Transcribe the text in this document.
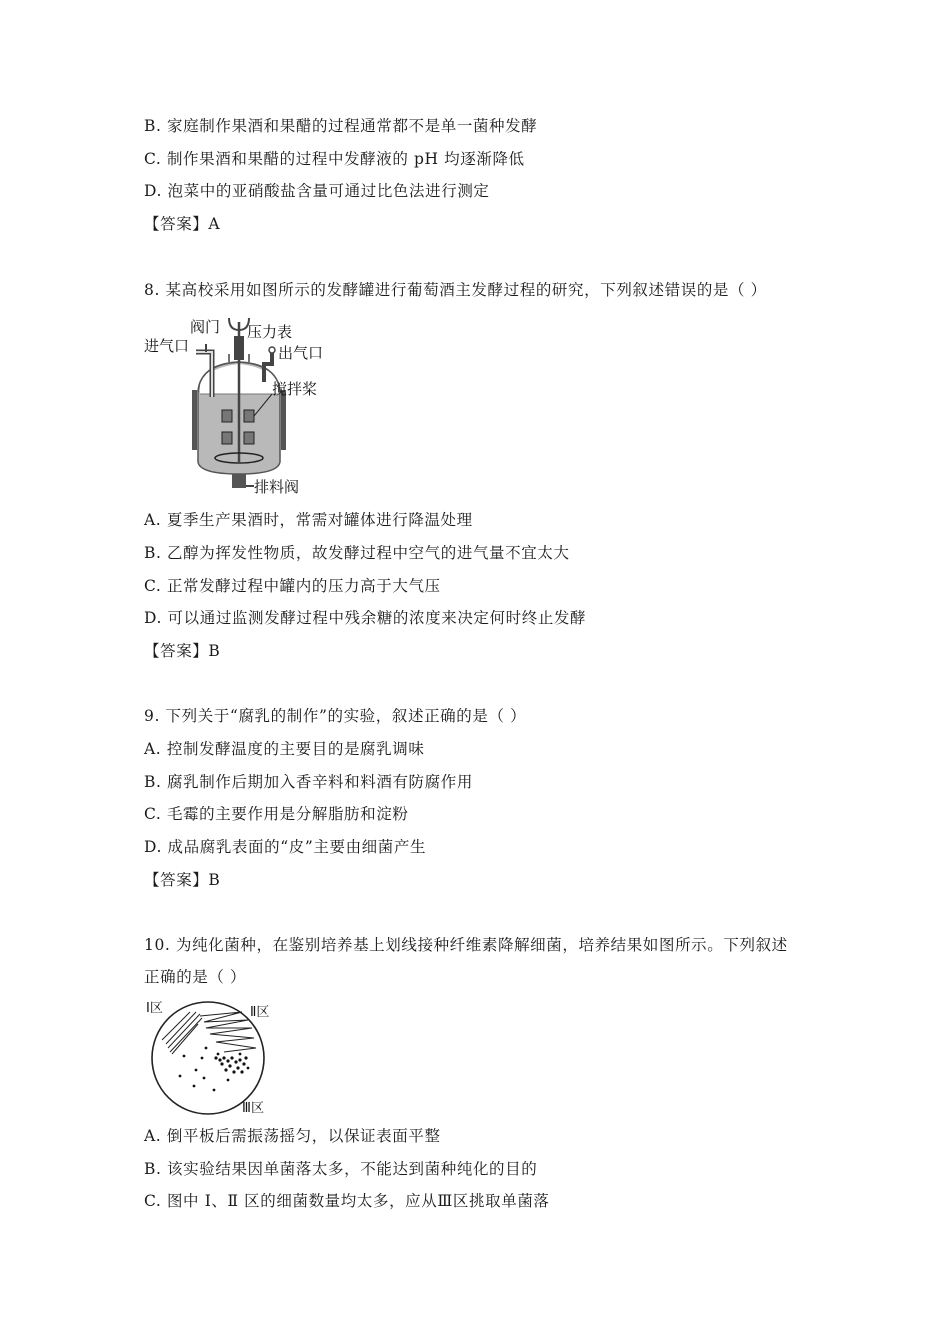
B. 家庭制作果酒和果醋的过程通常都不是单一菌种发酵
C. 制作果酒和果醋的过程中发酵液的 pH 均逐渐降低
D. 泡菜中的亚硝酸盐含量可通过比色法进行测定
【答案】A
8. 某高校采用如图所示的发酵罐进行葡萄酒主发酵过程的研究，下列叙述错误的是（ ）
阀门 压力表
进气口	出气口
搅拌桨
排料阀
A. 夏季生产果酒时，常需对罐体进行降温处理
B. 乙醇为挥发性物质，故发酵过程中空气的进气量不宜太大
C. 正常发酵过程中罐内的压力高于大气压
D. 可以通过监测发酵过程中残余糖的浓度来决定何时终止发酵
【答案】B
9. 下列关于“腐乳的制作”的实验，叙述正确的是（ ）
A. 控制发酵温度的主要目的是腐乳调味
B. 腐乳制作后期加入香辛料和料酒有防腐作用
C. 毛霉的主要作用是分解脂肪和淀粉
D. 成品腐乳表面的“皮”主要由细菌产生
【答案】B
10. 为纯化菌种，在鉴别培养基上划线接种纤维素降解细菌，培养结果如图所示。下列叙述
正确的是（ ）
Ⅰ区	Ⅱ区
Ⅲ区
A. 倒平板后需振荡摇匀，以保证表面平整
B. 该实验结果因单菌落太多，不能达到菌种纯化的目的
C. 图中 Ⅰ、Ⅱ 区的细菌数量均太多，应从Ⅲ区挑取单菌落
